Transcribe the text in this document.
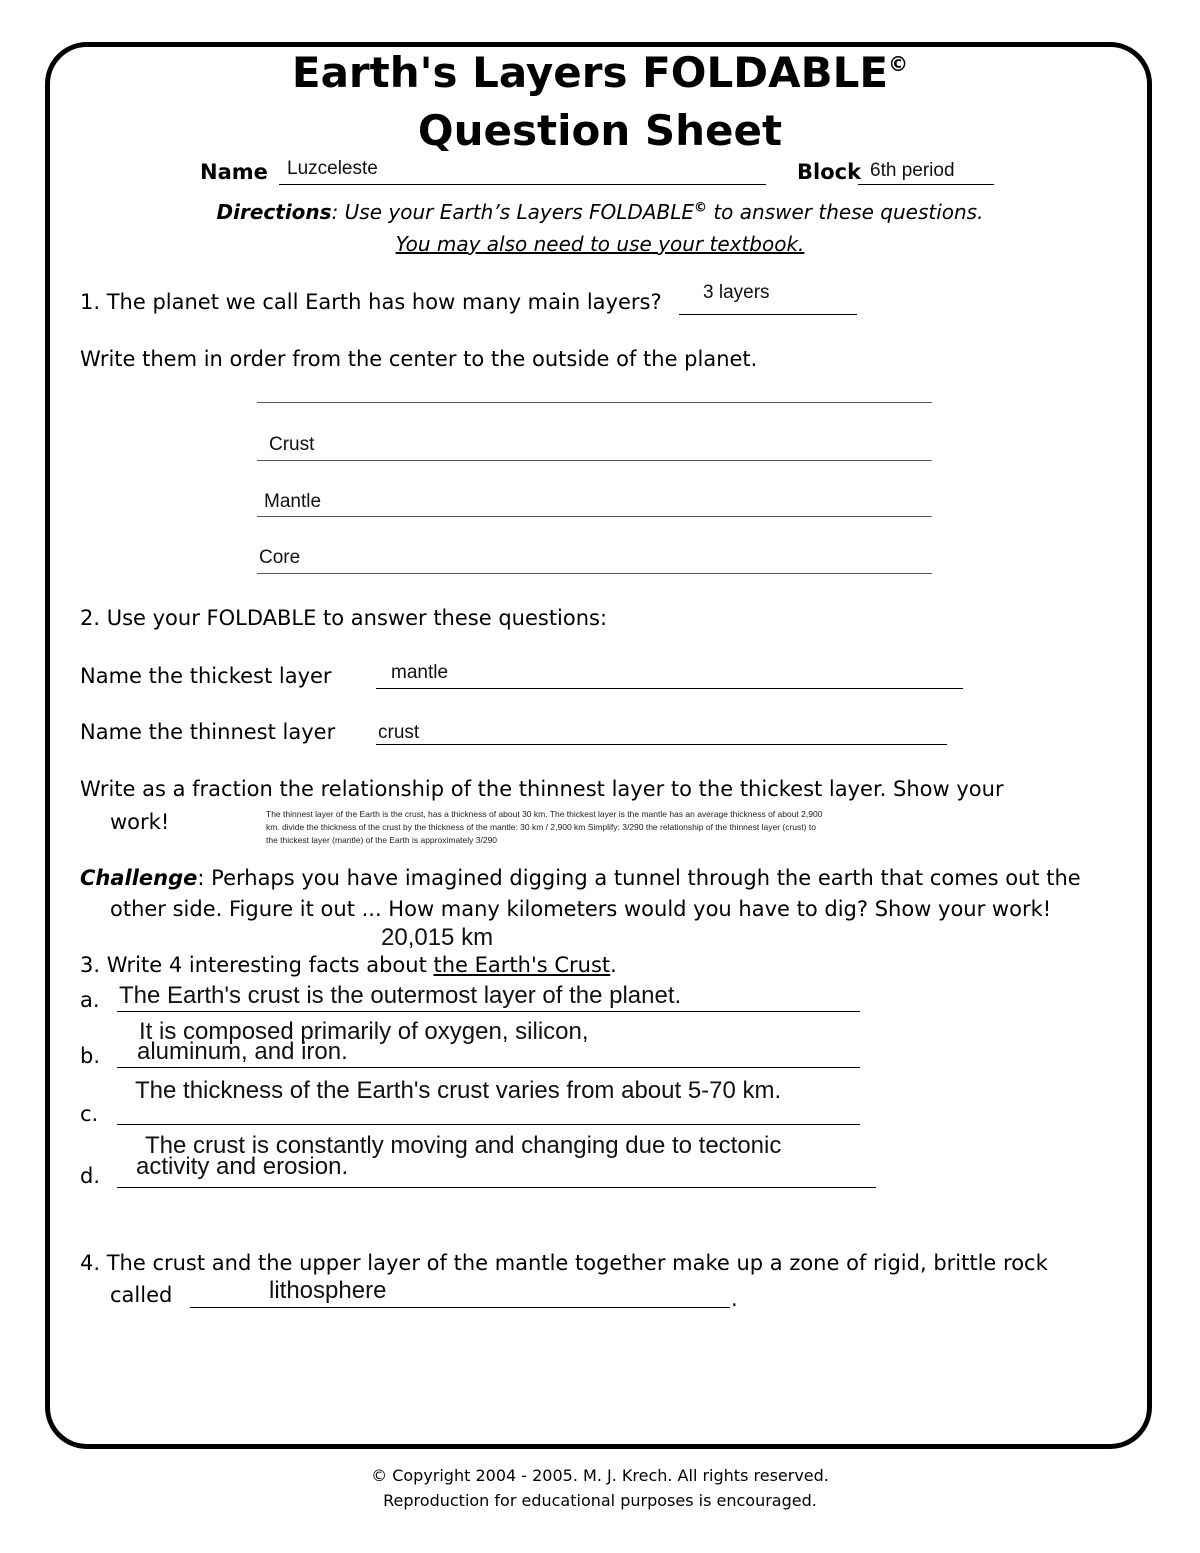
Earth's Layers FOLDABLE©
Question Sheet
Name Luzceleste	Block 6th period
Directions: Use your Earth’s Layers FOLDABLE© to answer these questions.
You may also need to use your textbook.
1. The planet we call Earth has how many main layers? 3 layers
Write them in order from the center to the outside of the planet.
Crust
Mantle
Core
2. Use your FOLDABLE to answer these questions:
Name the thickest layer	mantle
Name the thinnest layer crust
Write as a fraction the relationship of the thinnest layer to the thickest layer. Show your
work!	The thinnest layer of the Earth is the crust, has a thickness of about 30 km. The thickest layer is the mantle has an average thickness of about 2,900 km. divide the thickness of the crust by the thickness of the mantle: 30 km / 2,900 km Simplify: 3/290 the relationship of the thinnest layer (crust) to the thickest layer (mantle) of the Earth is approximately 3/290
Challenge: Perhaps you have imagined digging a tunnel through the earth that comes out the
other side. Figure it out ... How many kilometers would you have to dig? Show your work!
20,015 km
3. Write 4 interesting facts about the Earth's Crust.
a. The Earth's crust is the outermost layer of the planet.
b.
It is composed primarily of oxygen, silicon,
aluminum, and iron.
c.
The thickness of the Earth's crust varies from about 5-70 km.
d.
The crust is constantly moving and changing due to tectonic
activity and erosion.
4. The crust and the upper layer of the mantle together make up a zone of rigid, brittle rock
called	lithosphere	.
© Copyright 2004 - 2005. M. J. Krech. All rights reserved.
Reproduction for educational purposes is encouraged.
